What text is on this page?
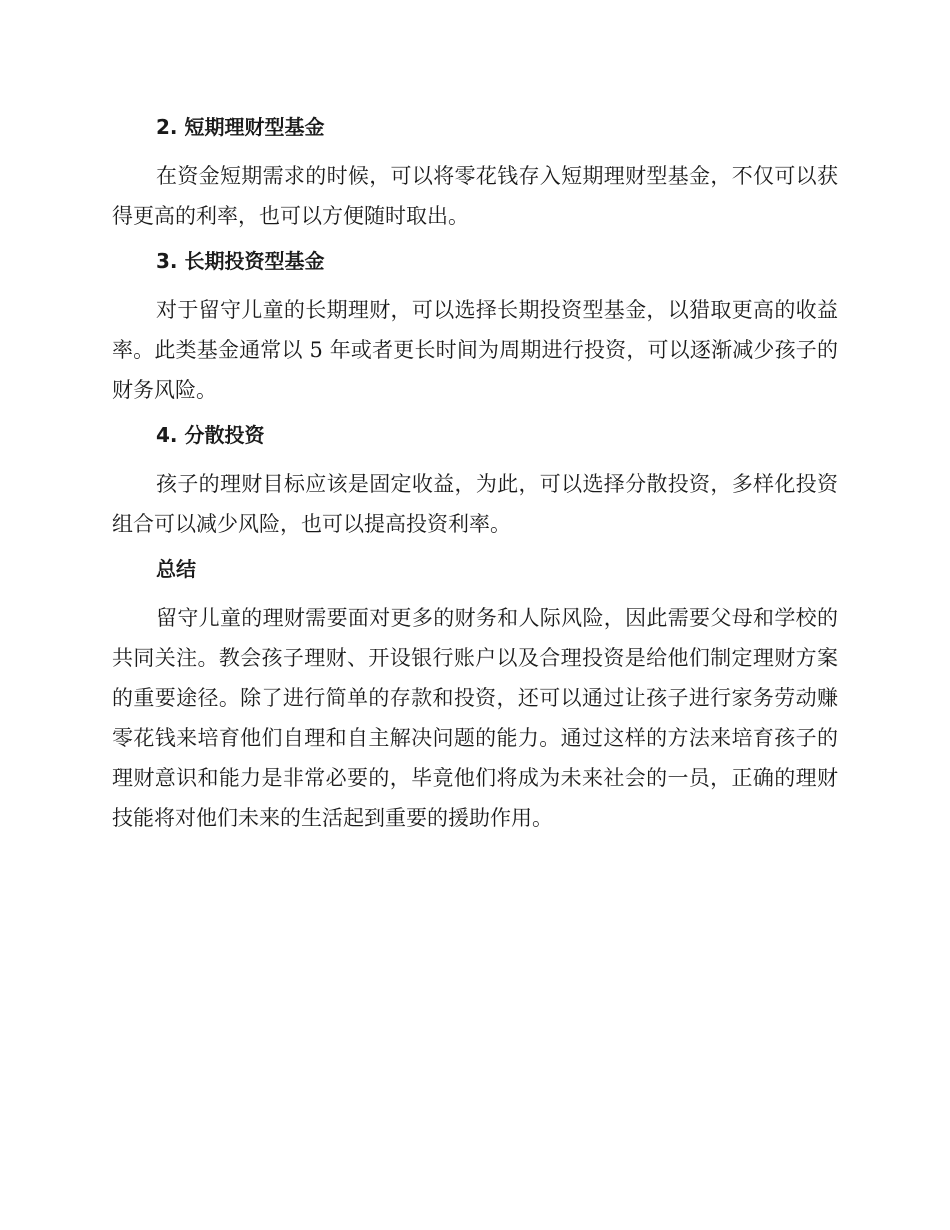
2. 短期理财型基金

在资金短期需求的时候，可以将零花钱存入短期理财型基金，不仅可以获得更高的利率，也可以方便随时取出。

3. 长期投资型基金

对于留守儿童的长期理财，可以选择长期投资型基金，以猎取更高的收益率。此类基金通常以 5 年或者更长时间为周期进行投资，可以逐渐减少孩子的财务风险。

4. 分散投资

孩子的理财目标应该是固定收益，为此，可以选择分散投资，多样化投资组合可以减少风险，也可以提高投资利率。

总结

留守儿童的理财需要面对更多的财务和人际风险，因此需要父母和学校的共同关注。教会孩子理财、开设银行账户以及合理投资是给他们制定理财方案的重要途径。除了进行简单的存款和投资，还可以通过让孩子进行家务劳动赚零花钱来培育他们自理和自主解决问题的能力。通过这样的方法来培育孩子的理财意识和能力是非常必要的，毕竟他们将成为未来社会的一员，正确的理财技能将对他们未来的生活起到重要的援助作用。
